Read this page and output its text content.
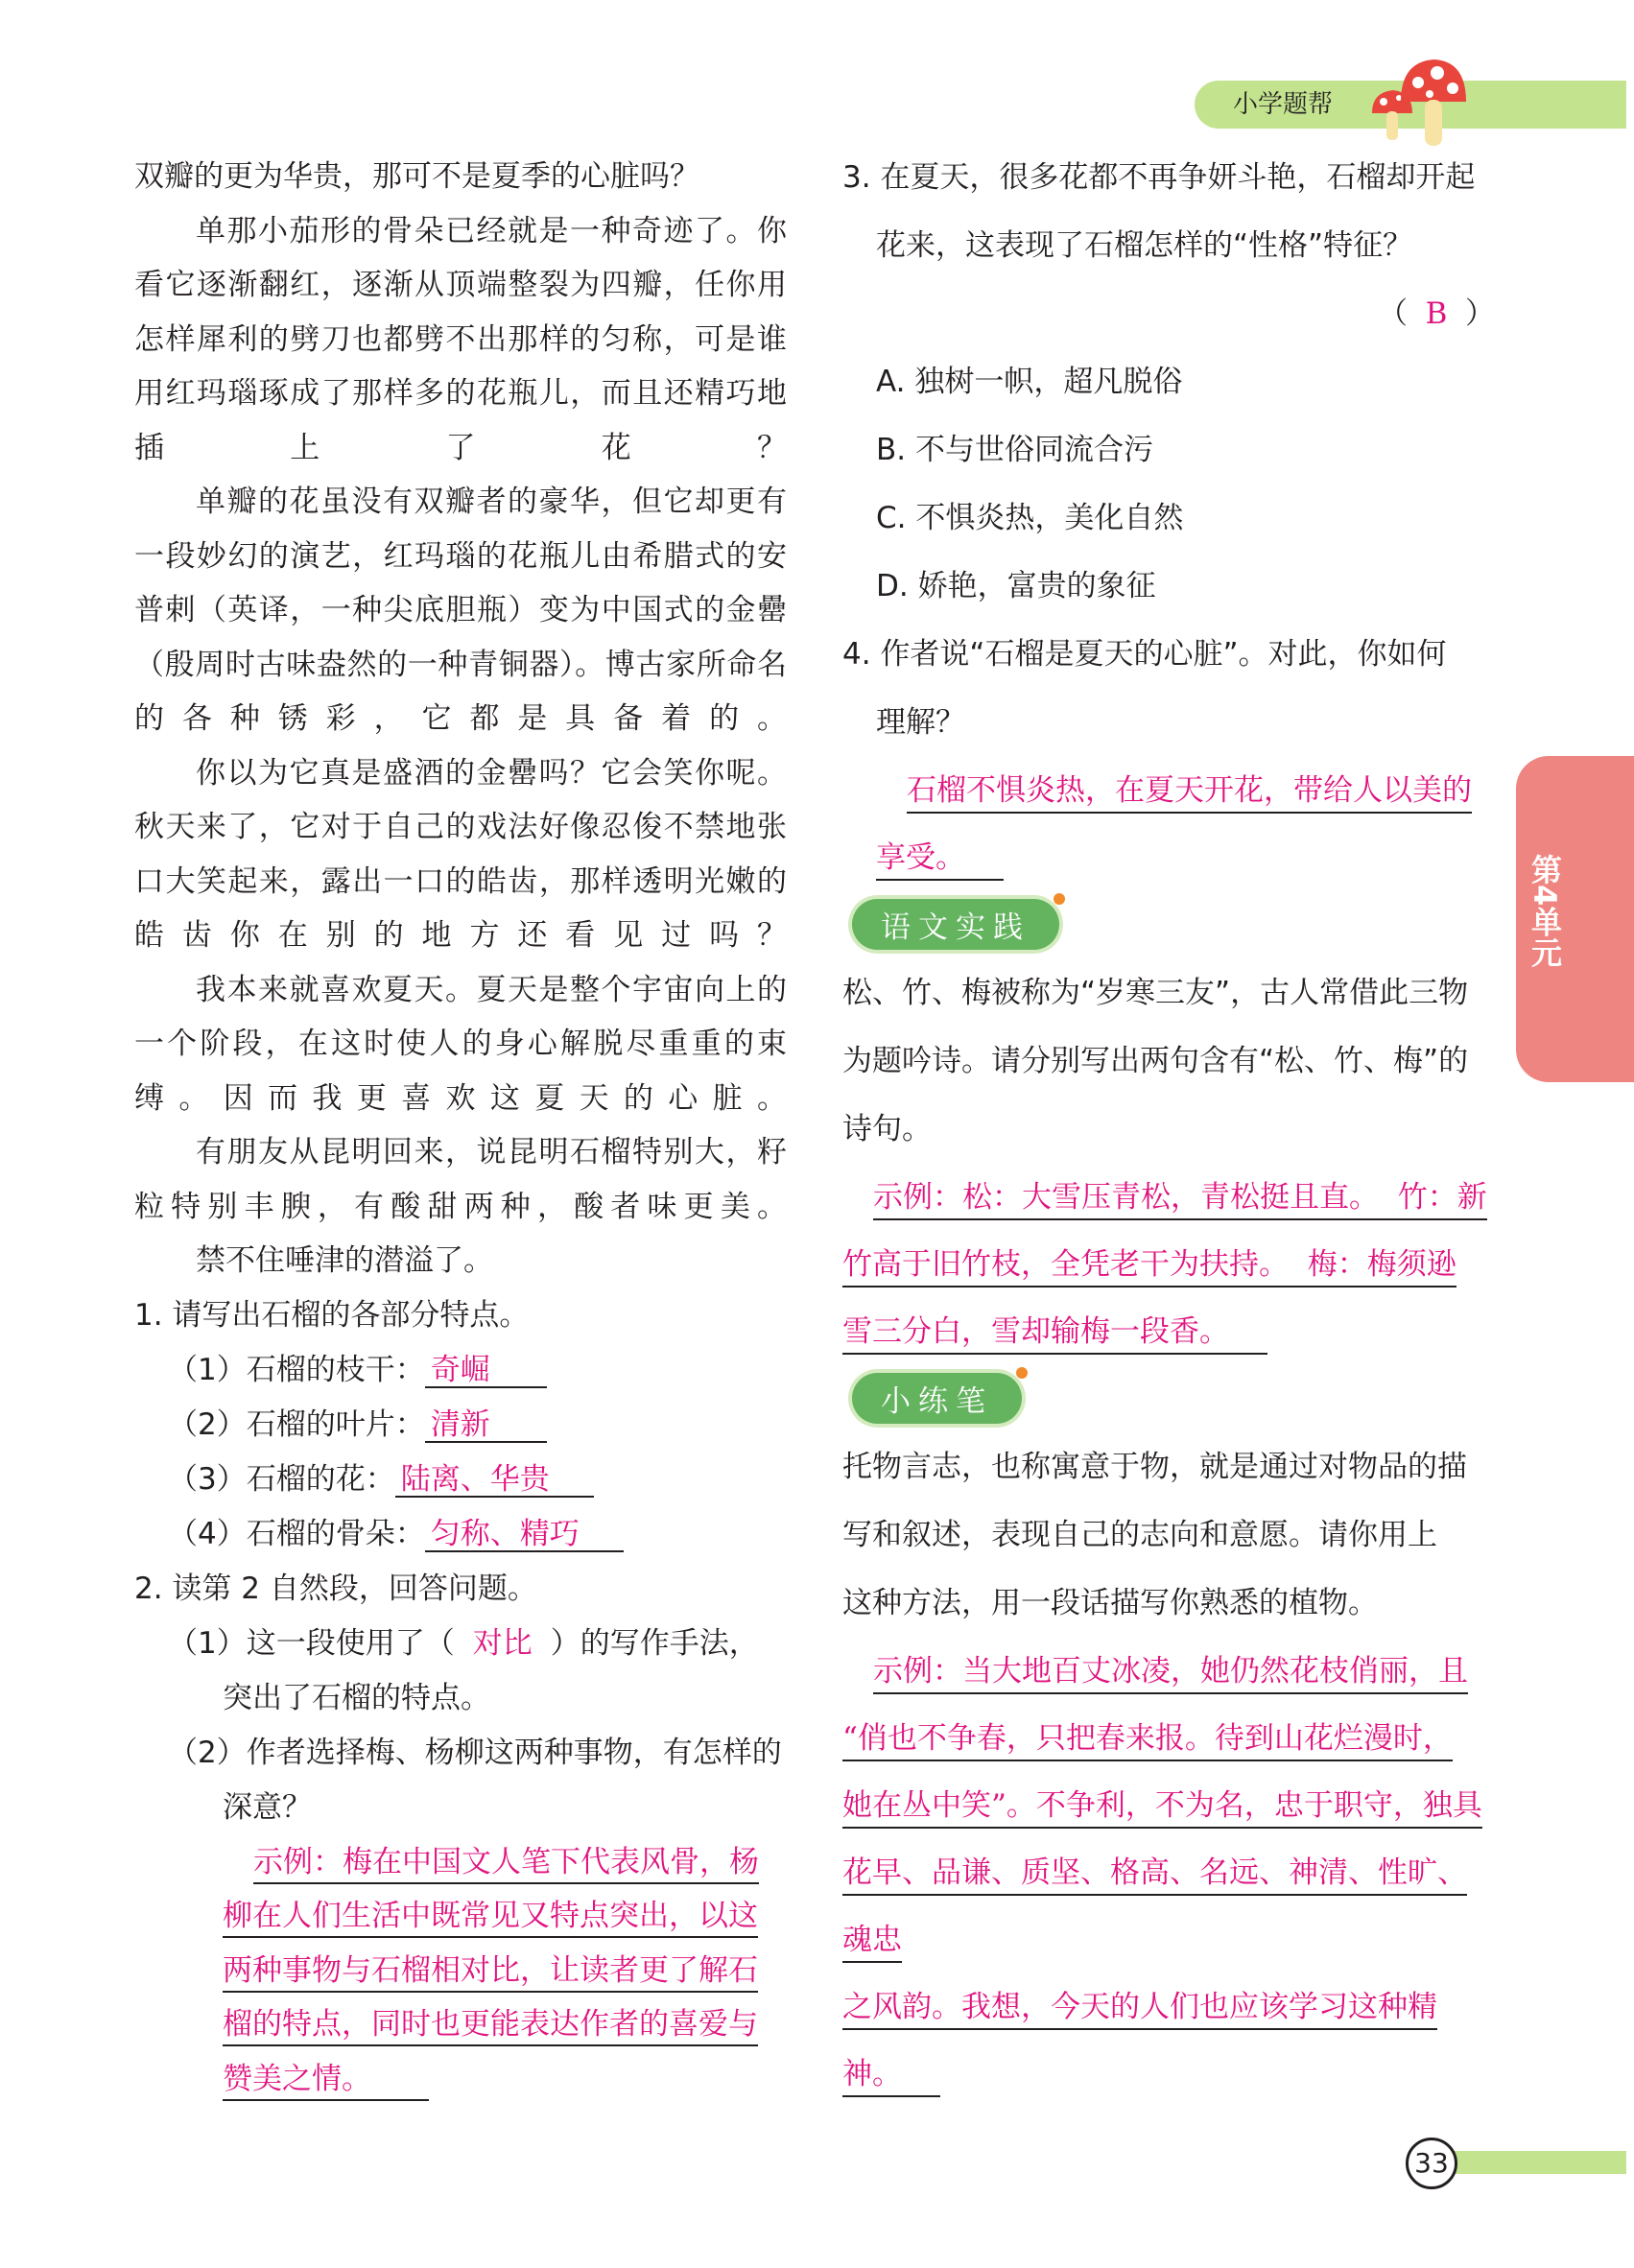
小学题帮
第4单元

双瓣的更为华贵，那可不是夏季的心脏吗？

单那小茄形的骨朵已经就是一种奇迹了。你看它逐渐翻红，逐渐从顶端整裂为四瓣，任你用怎样犀利的劈刀也都劈不出那样的匀称，可是谁用红玛瑙琢成了那样多的花瓶儿，而且还精巧地插上了花？

单瓣的花虽没有双瓣者的豪华，但它却更有一段妙幻的演艺，红玛瑙的花瓶儿由希腊式的安普剌（英译，一种尖底胆瓶）变为中国式的金罍（殷周时古味盎然的一种青铜器）。博古家所命名的各种锈彩，它都是具备着的。

你以为它真是盛酒的金罍吗？它会笑你呢。秋天来了，它对于自己的戏法好像忍俊不禁地张口大笑起来，露出一口的皓齿，那样透明光嫩的皓齿你在别的地方还看见过吗？

我本来就喜欢夏天。夏天是整个宇宙向上的一个阶段，在这时使人的身心解脱尽重重的束缚。因而我更喜欢这夏天的心脏。

有朋友从昆明回来，说昆明石榴特别大，籽粒特别丰腴，有酸甜两种，酸者味更美。

禁不住唾津的潜溢了。

1. 请写出石榴的各部分特点。

（1）石榴的枝干： 奇崛

（2）石榴的叶片： 清新

（3）石榴的花： 陆离、华贵

（4）石榴的骨朵： 匀称、精巧

2. 读第 2 自然段，回答问题。

（1）这一段使用了（ 对比 ）的写作手法，

突出了石榴的特点。

（2）作者选择梅、杨柳这两种事物，有怎样的

深意？

示例：梅在中国文人笔下代表风骨，杨

柳在人们生活中既常见又特点突出，以这

两种事物与石榴相对比，让读者更了解石

榴的特点，同时也更能表达作者的喜爱与

赞美之情。

3. 在夏天，很多花都不再争妍斗艳，石榴却开起

花来，这表现了石榴怎样的“性格”特征？

（ B ）

A. 独树一帜，超凡脱俗

B. 不与世俗同流合污

C. 不惧炎热，美化自然

D. 娇艳，富贵的象征

4. 作者说“石榴是夏天的心脏”。对此，你如何

理解？

石榴不惧炎热，在夏天开花，带给人以美的

享受。

语文实践

松、竹、梅被称为“岁寒三友”，古人常借此三物

为题吟诗。请分别写出两句含有“松、竹、梅”的

诗句。

示例：松：大雪压青松，青松挺且直。  竹：新

竹高于旧竹枝，全凭老干为扶持。  梅：梅须逊

雪三分白，雪却输梅一段香。

小练笔

托物言志，也称寓意于物，就是通过对物品的描

写和叙述，表现自己的志向和意愿。请你用上

这种方法，用一段话描写你熟悉的植物。

示例：当大地百丈冰凌，她仍然花枝俏丽，且

“俏也不争春，只把春来报。待到山花烂漫时，

她在丛中笑”。不争利，不为名，忠于职守，独具

花早、品谦、质坚、格高、名远、神清、性旷、魂忠

之风韵。我想，今天的人们也应该学习这种精

神。

33
